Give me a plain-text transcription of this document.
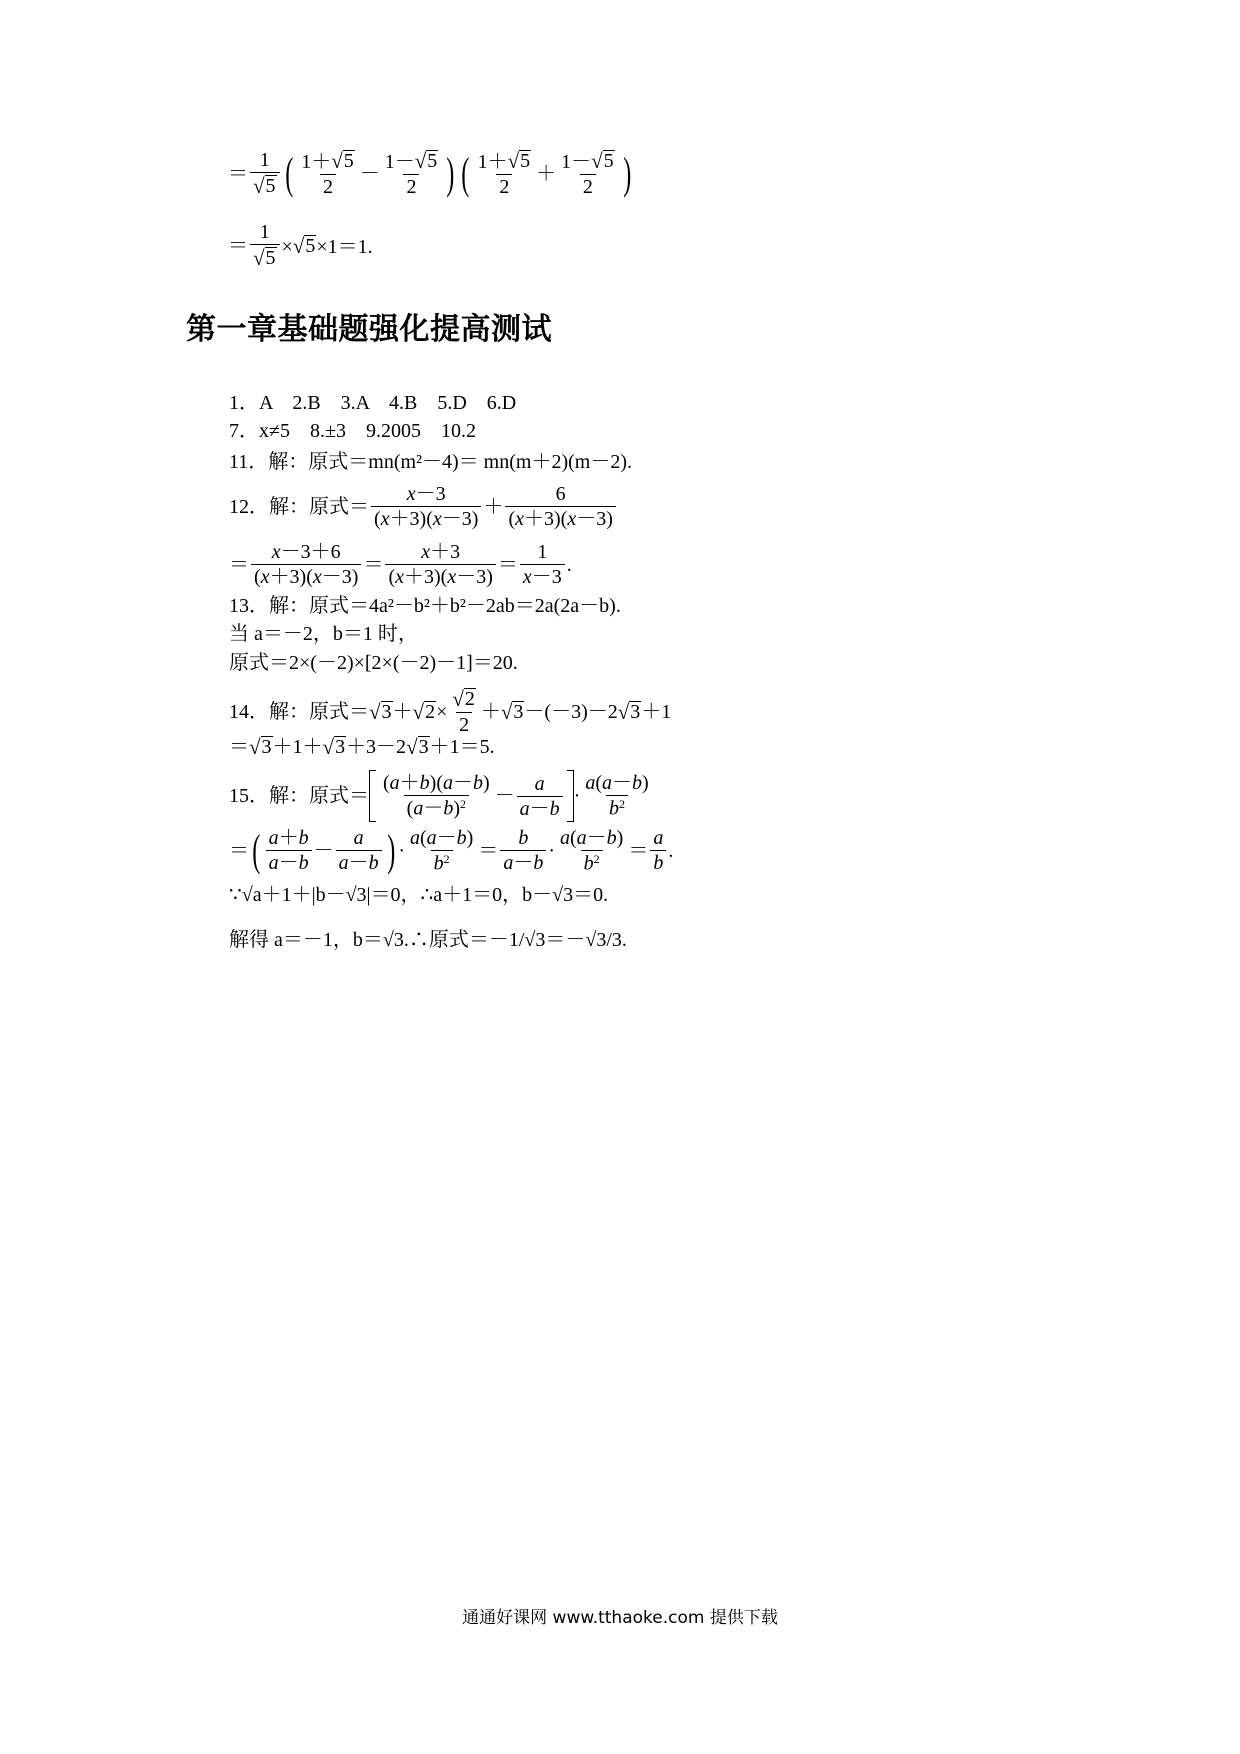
＝ $\frac{1}{√ 5}$ ( $\frac{1+ √ 5}{2} - \frac{1- √ 5}{2}$ ) ( $\frac{1+ √ 5}{2} + \frac{1- √ 5}{2}$ )
＝ $\frac{1}{√ 5}$ × √ 5 ×1＝1.
第一章基础题强化提高测试
1．A　2.B　3.A　4.B　5.D　6.D
7．x≠5　8.±3　9.2005　10.2
11．解：原式＝mn(m²－4)＝ mn(m＋2)(m－2).
12．解：原式＝ $\frac{x-3}{(x+3)(x-3)} + \frac{6}{(x+3)(x-3)}$
＝ $\frac{x-3+6}{(x+3)(x-3)} = \frac{x+3}{(x+3)(x-3)} = \frac{1}{x-3}$ .
13．解：原式＝4a²－b²＋b²－2ab＝2a(2a－b).
当 a＝－2，b＝1 时，
原式＝2×(－2)×[2×(－2)－1]＝20.
14．解：原式＝ √ 3 ＋ √ $2 \times \frac{√ 2}{2}$ ＋ √ 3 －(－3)－2 √ 3 ＋1
＝ √ 3 ＋1＋ √ 3 ＋3－2 √ 3 ＋1＝5.
15．解：原式＝ $\frac{(a+b)(a-b)}{(a-b)^2} - \frac{a}{a-b} \cdot \frac{a(a-b)}{b^2}$
＝ ( $\frac{a+b}{a-b} - \frac{a}{a-b}$ ) · $\frac{a(a-b)}{b^2} = \frac{b}{a-b} \cdot \frac{a(a-b)}{b^2} = \frac{a}{b}$ .
∵√a＋1＋|b－√3|＝0，∴a＋1＝0，b－√3＝0.
解得 a＝－1，b＝√3.∴原式＝－1/√3＝－√3/3.
通通好课网 www.tthaoke.com 提供下载
